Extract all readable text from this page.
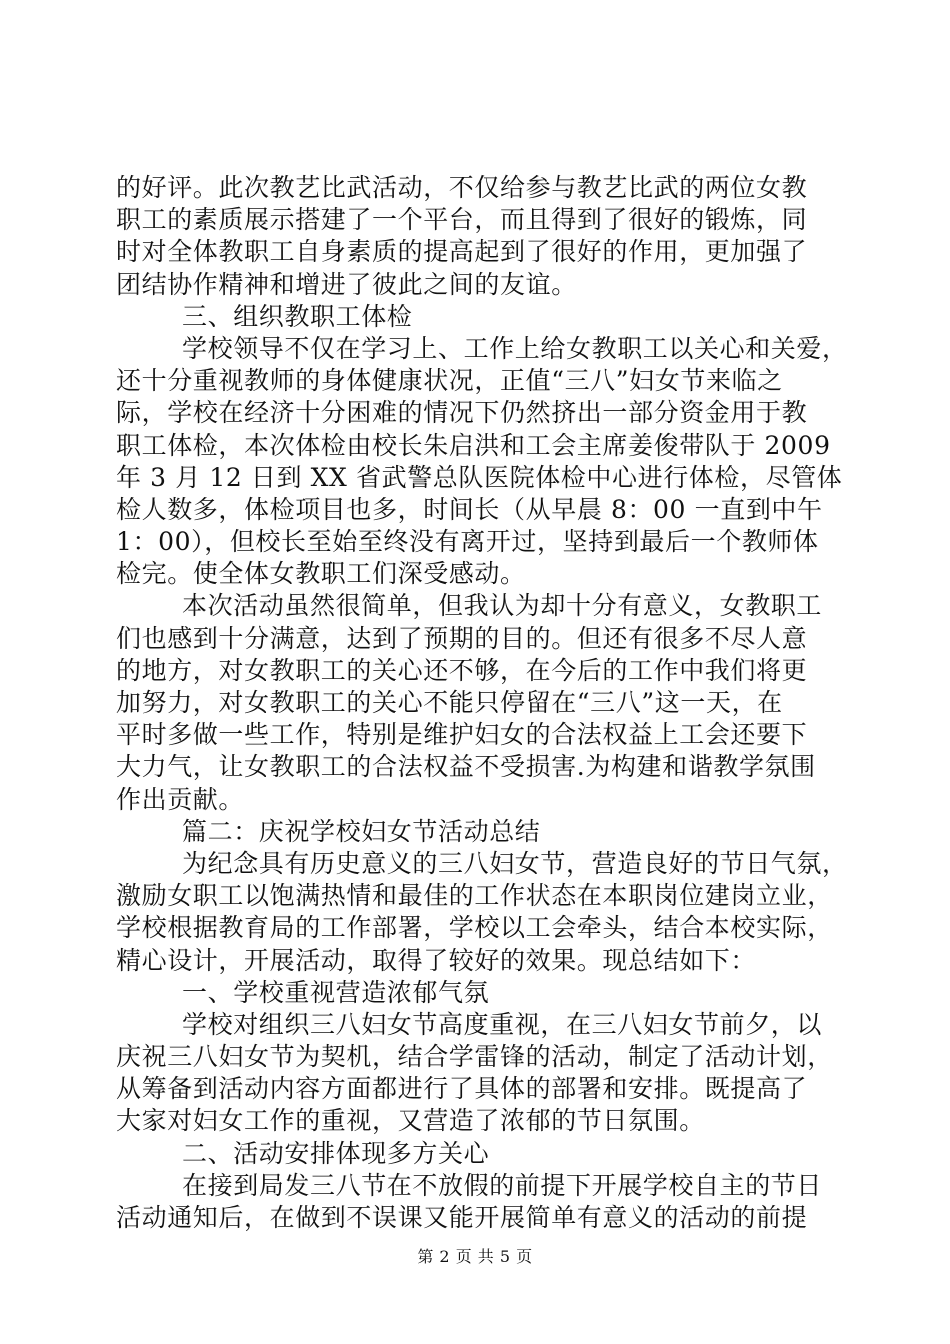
的好评。此次教艺比武活动，不仅给参与教艺比武的两位女教
职工的素质展示搭建了一个平台，而且得到了很好的锻炼，同
时对全体教职工自身素质的提高起到了很好的作用，更加强了
团结协作精神和增进了彼此之间的友谊。
三、组织教职工体检
学校领导不仅在学习上、工作上给女教职工以关心和关爱，
还十分重视教师的身体健康状况，正值“三八”妇女节来临之
际，学校在经济十分困难的情况下仍然挤出一部分资金用于教
职工体检，本次体检由校长朱启洪和工会主席姜俊带队于 2009
年 3 月 12 日到 XX 省武警总队医院体检中心进行体检，尽管体
检人数多，体检项目也多，时间长（从早晨 8：00 一直到中午
1：00），但校长至始至终没有离开过，坚持到最后一个教师体
检完。使全体女教职工们深受感动。
本次活动虽然很简单，但我认为却十分有意义，女教职工
们也感到十分满意，达到了预期的目的。但还有很多不尽人意
的地方，对女教职工的关心还不够，在今后的工作中我们将更
加努力，对女教职工的关心不能只停留在“三八”这一天，在
平时多做一些工作，特别是维护妇女的合法权益上工会还要下
大力气，让女教职工的合法权益不受损害.为构建和谐教学氛围
作出贡献。
篇二：庆祝学校妇女节活动总结
为纪念具有历史意义的三八妇女节，营造良好的节日气氛，
激励女职工以饱满热情和最佳的工作状态在本职岗位建岗立业，
学校根据教育局的工作部署，学校以工会牵头，结合本校实际，
精心设计，开展活动，取得了较好的效果。现总结如下：
一、学校重视营造浓郁气氛
学校对组织三八妇女节高度重视，在三八妇女节前夕，以
庆祝三八妇女节为契机，结合学雷锋的活动，制定了活动计划，
从筹备到活动内容方面都进行了具体的部署和安排。既提高了
大家对妇女工作的重视，又营造了浓郁的节日氛围。
二、活动安排体现多方关心
在接到局发三八节在不放假的前提下开展学校自主的节日
活动通知后，在做到不误课又能开展简单有意义的活动的前提
第 2 页 共 5 页
